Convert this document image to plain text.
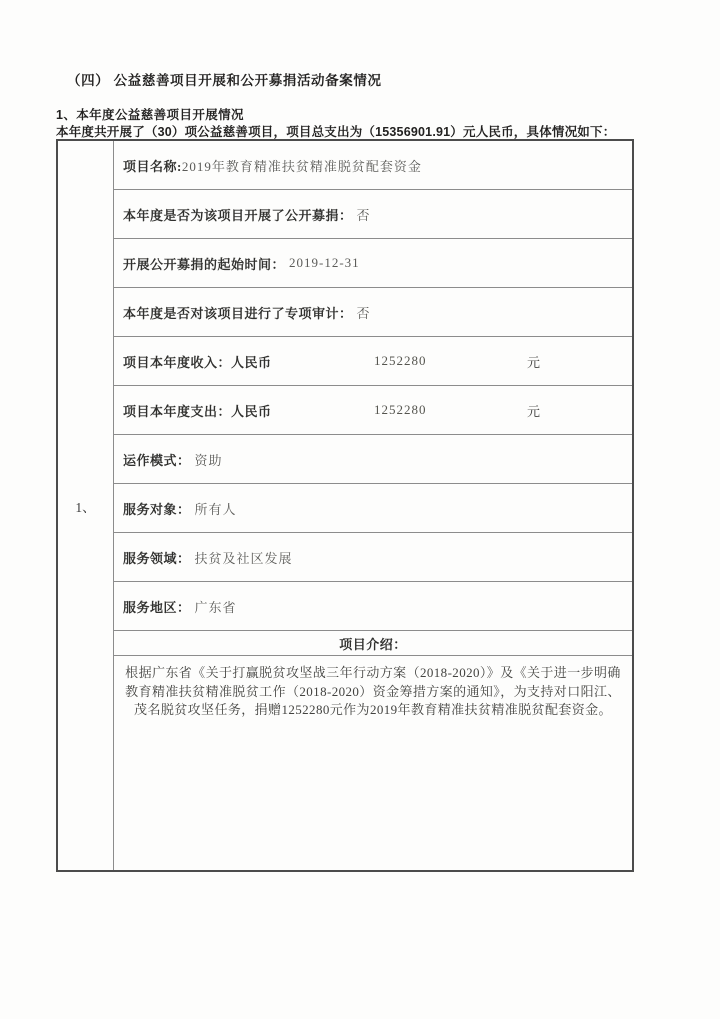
（四） 公益慈善项目开展和公开募捐活动备案情况
1、本年度公益慈善项目开展情况
本年度共开展了（30）项公益慈善项目，项目总支出为（15356901.91）元人民币，具体情况如下：
1、
项目名称: 2019年教育精准扶贫精准脱贫配套资金
本年度是否为该项目开展了公开募捐： 否
开展公开募捐的起始时间： 2019-12-31
本年度是否对该项目进行了专项审计： 否
项目本年度收入： 人民币	1252280	元
项目本年度支出： 人民币	1252280	元
运作模式： 资助
服务对象： 所有人
服务领域： 扶贫及社区发展
服务地区： 广东省
项目介绍：
根据广东省《关于打赢脱贫攻坚战三年行动方案（2018-2020）》及《关于进一步明确教育精准扶贫精准脱贫工作（2018-2020）资金筹措方案的通知》，为支持对口阳江、茂名脱贫攻坚任务，捐赠1252280元作为2019年教育精准扶贫精准脱贫配套资金。
